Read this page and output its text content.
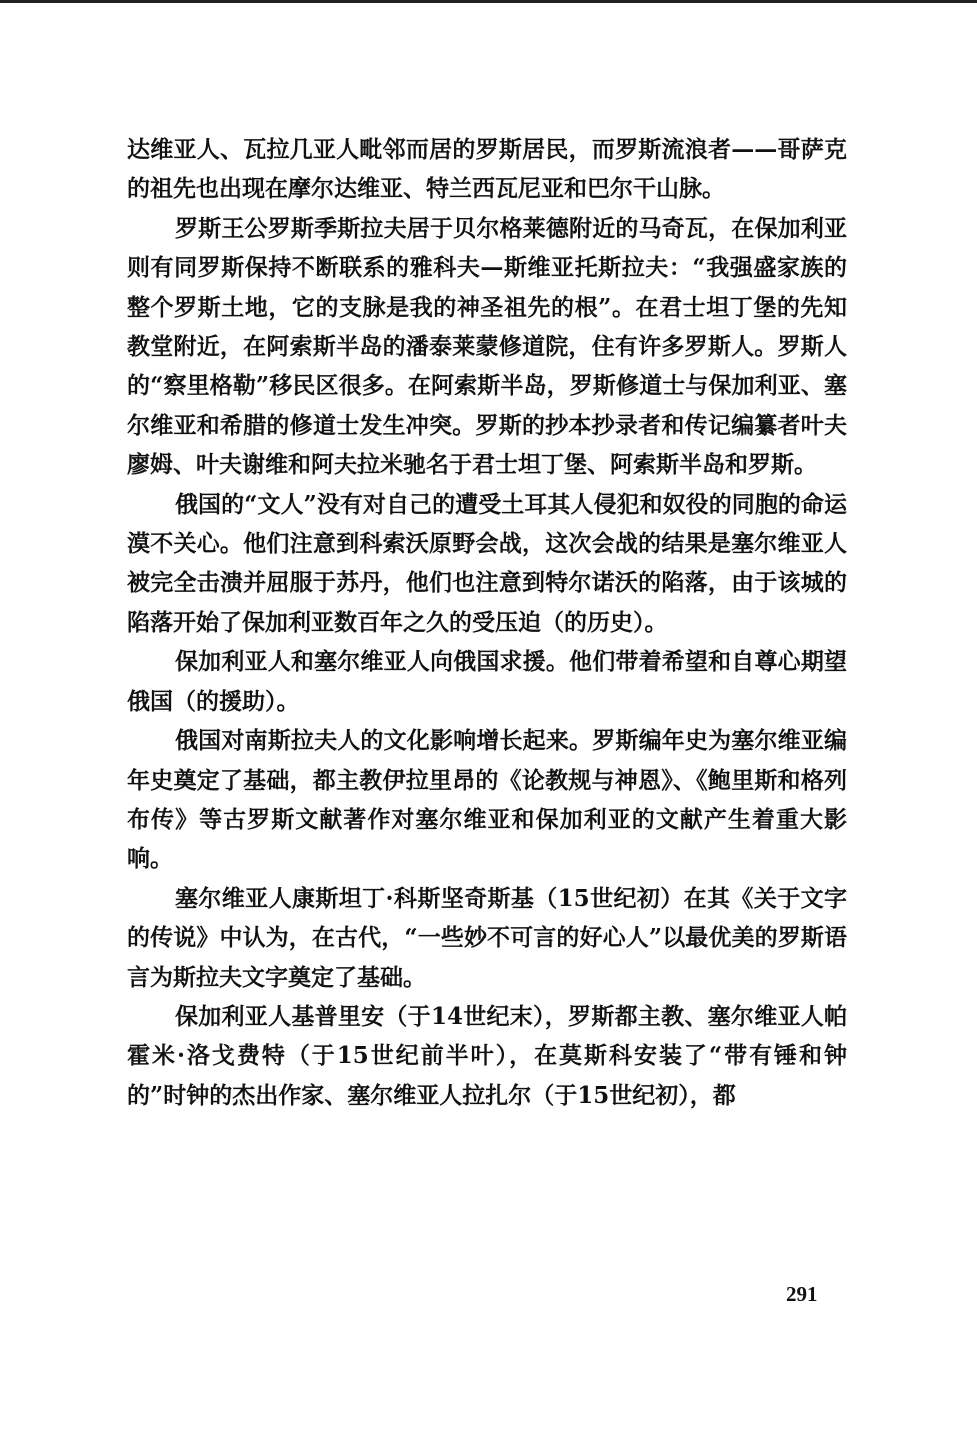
达维亚人、瓦拉几亚人毗邻而居的罗斯居民，而罗斯流浪者——哥萨克的祖先也出现在摩尔达维亚、特兰西瓦尼亚和巴尔干山脉。

罗斯王公罗斯季斯拉夫居于贝尔格莱德附近的马奇瓦，在保加利亚则有同罗斯保持不断联系的雅科夫—斯维亚托斯拉夫：“我强盛家族的整个罗斯土地，它的支脉是我的神圣祖先的根”。在君士坦丁堡的先知教堂附近，在阿索斯半岛的潘泰莱蒙修道院，住有许多罗斯人。罗斯人的“察里格勒”移民区很多。在阿索斯半岛，罗斯修道士与保加利亚、塞尔维亚和希腊的修道士发生冲突。罗斯的抄本抄录者和传记编纂者叶夫廖姆、叶夫谢维和阿夫拉米驰名于君士坦丁堡、阿索斯半岛和罗斯。

俄国的“文人”没有对自己的遭受土耳其人侵犯和奴役的同胞的命运漠不关心。他们注意到科索沃原野会战，这次会战的结果是塞尔维亚人被完全击溃并屈服于苏丹，他们也注意到特尔诺沃的陷落，由于该城的陷落开始了保加利亚数百年之久的受压迫（的历史）。

保加利亚人和塞尔维亚人向俄国求援。他们带着希望和自尊心期望俄国（的援助）。

俄国对南斯拉夫人的文化影响增长起来。罗斯编年史为塞尔维亚编年史奠定了基础，都主教伊拉里昂的《论教规与神恩》、《鲍里斯和格列布传》等古罗斯文献著作对塞尔维亚和保加利亚的文献产生着重大影响。

塞尔维亚人康斯坦丁·科斯坚奇斯基（15世纪初）在其《关于文字的传说》中认为，在古代，“一些妙不可言的好心人”以最优美的罗斯语言为斯拉夫文字奠定了基础。

保加利亚人基普里安（于14世纪末），罗斯都主教、塞尔维亚人帕霍米·洛戈费特（于15世纪前半叶），在莫斯科安装了“带有锤和钟的”时钟的杰出作家、塞尔维亚人拉扎尔（于15世纪初），都

291
